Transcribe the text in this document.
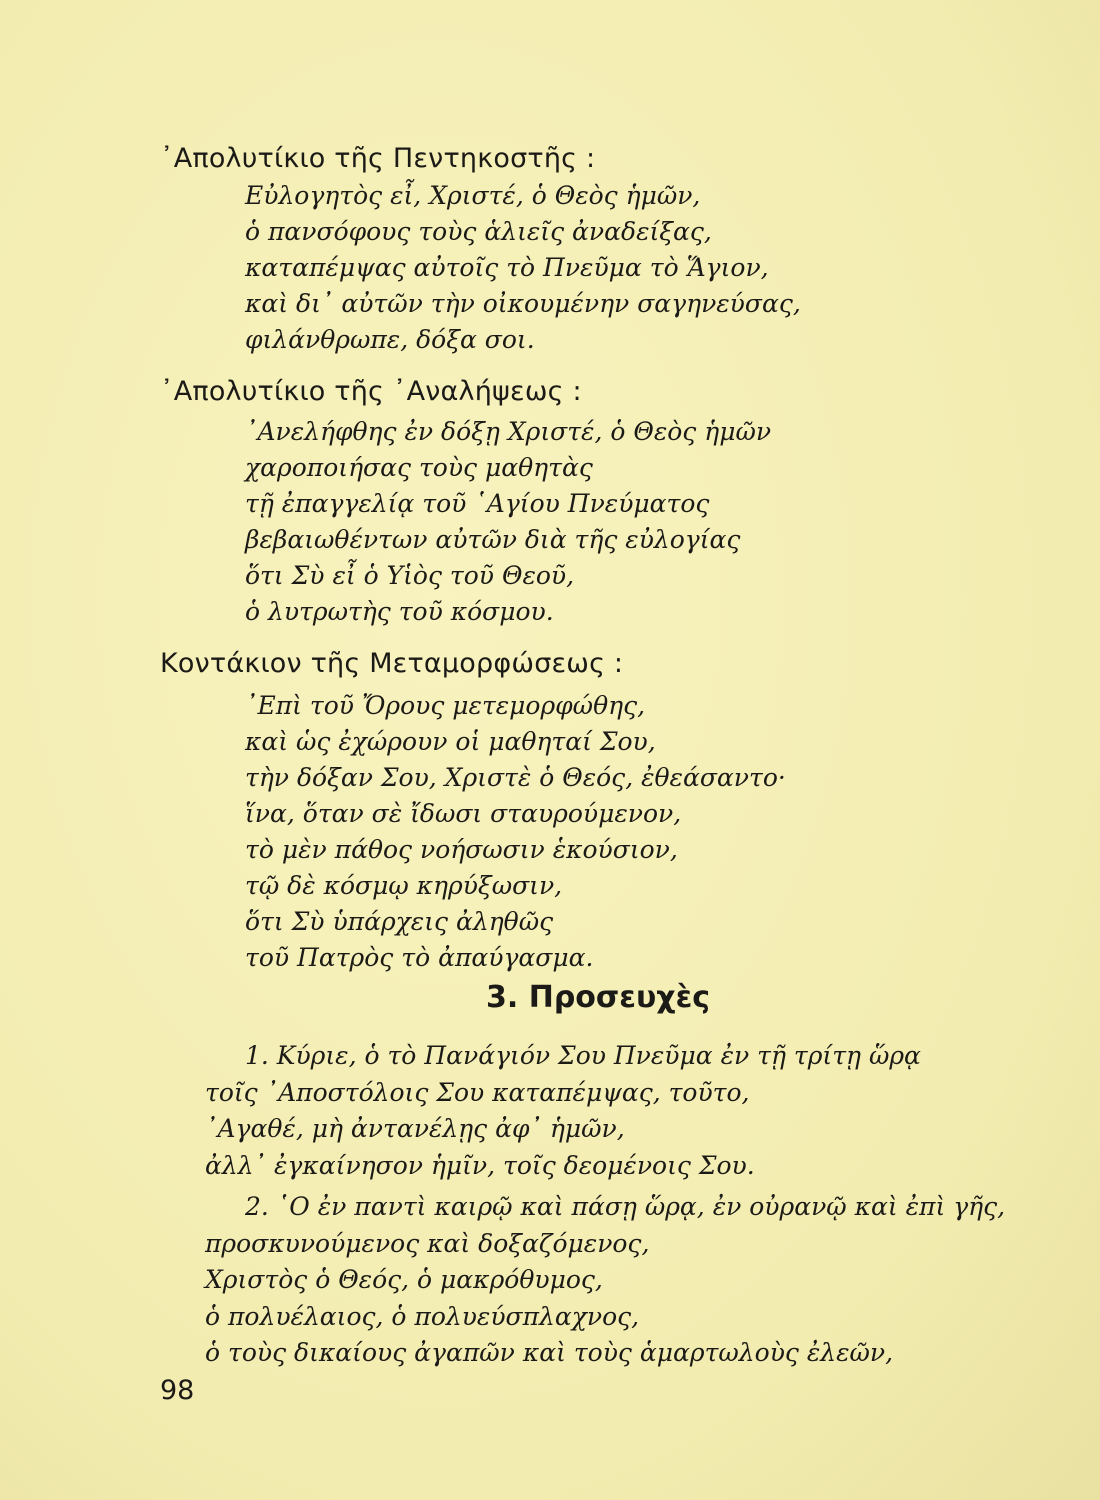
᾿Απολυτίκιο τῆς Πεντηκοστῆς :
Εὐλογητὸς εἶ, Χριστέ, ὁ Θεὸς ἡμῶν,
ὁ πανσόφους τοὺς ἁλιεῖς ἀναδείξας,
καταπέμψας αὐτοῖς τὸ Πνεῦμα τὸ Ἅγιον,
καὶ δι᾿ αὐτῶν τὴν οἰκουμένην σαγηνεύσας,
φιλάνθρωπε, δόξα σοι.
᾿Απολυτίκιο τῆς ᾿Αναλήψεως :
᾿Ανελήφθης ἐν δόξῃ Χριστέ, ὁ Θεὸς ἡμῶν
χαροποιήσας τοὺς μαθητὰς
τῇ ἐπαγγελίᾳ τοῦ ῾Αγίου Πνεύματος
βεβαιωθέντων αὐτῶν διὰ τῆς εὐλογίας
ὅτι Σὺ εἶ ὁ Υἱὸς τοῦ Θεοῦ,
ὁ λυτρωτὴς τοῦ κόσμου.
Κοντάκιον τῆς Μεταμορφώσεως :
᾿Επὶ τοῦ Ὄρους μετεμορφώθης,
καὶ ὡς ἐχώρουν οἱ μαθηταί Σου,
τὴν δόξαν Σου, Χριστὲ ὁ Θεός, ἐθεάσαντο·
ἵνα, ὅταν σὲ ἴδωσι σταυρούμενον,
τὸ μὲν πάθος νοήσωσιν ἑκούσιον,
τῷ δὲ κόσμῳ κηρύξωσιν,
ὅτι Σὺ ὑπάρχεις ἀληθῶς
τοῦ Πατρὸς τὸ ἀπαύγασμα.
3. Προσευχὲς
1. Κύριε, ὁ τὸ Πανάγιόν Σου Πνεῦμα ἐν τῇ τρίτῃ ὥρᾳ
τοῖς ᾿Αποστόλοις Σου καταπέμψας, τοῦτο,
᾿Αγαθέ, μὴ ἀντανέλῃς ἀφ᾿ ἡμῶν,
ἀλλ᾿ ἐγκαίνησον ἡμῖν, τοῖς δεομένοις Σου.
2. ῾Ο ἐν παντὶ καιρῷ καὶ πάσῃ ὥρᾳ, ἐν οὐρανῷ καὶ ἐπὶ γῆς,
προσκυνούμενος καὶ δοξαζόμενος,
Χριστὸς ὁ Θεός, ὁ μακρόθυμος,
ὁ πολυέλαιος, ὁ πολυεύσπλαχνος,
ὁ τοὺς δικαίους ἀγαπῶν καὶ τοὺς ἁμαρτωλοὺς ἐλεῶν,
98
